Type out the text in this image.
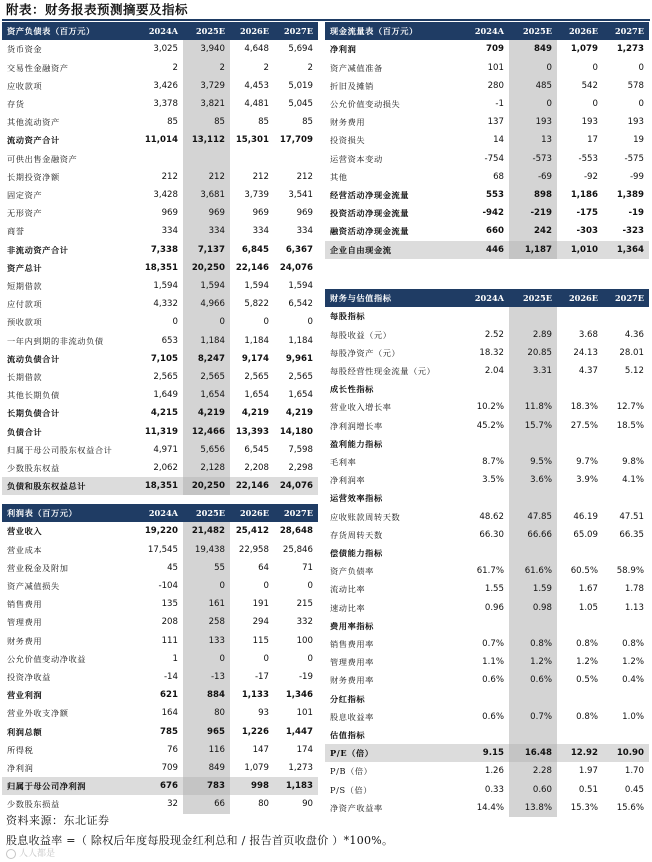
附表：财务报表预测摘要及指标
资产负债表（百万元）	2024A	2025E	2026E	2027E
货币资金	3,025	3,940	4,648	5,694
交易性金融资产	2	2	2	2
应收款项	3,426	3,729	4,453	5,019
存货	3,378	3,821	4,481	5,045
其他流动资产	85	85	85	85
流动资产合计	11,014	13,112	15,301	17,709
可供出售金融资产				
长期投资净额	212	212	212	212
固定资产	3,428	3,681	3,739	3,541
无形资产	969	969	969	969
商誉	334	334	334	334
非流动资产合计	7,338	7,137	6,845	6,367
资产总计	18,351	20,250	22,146	24,076
短期借款	1,594	1,594	1,594	1,594
应付款项	4,332	4,966	5,822	6,542
预收款项	0	0	0	0
一年内到期的非流动负债	653	1,184	1,184	1,184
流动负债合计	7,105	8,247	9,174	9,961
长期借款	2,565	2,565	2,565	2,565
其他长期负债	1,649	1,654	1,654	1,654
长期负债合计	4,215	4,219	4,219	4,219
负债合计	11,319	12,466	13,393	14,180
归属于母公司股东权益合计	4,971	5,656	6,545	7,598
少数股东权益	2,062	2,128	2,208	2,298
负债和股东权益总计	18,351	20,250	22,146	24,076
利润表（百万元）	2024A	2025E	2026E	2027E
营业收入	19,220	21,482	25,412	28,648
营业成本	17,545	19,438	22,958	25,846
营业税金及附加	45	55	64	71
资产减值损失	-104	0	0	0
销售费用	135	161	191	215
管理费用	208	258	294	332
财务费用	111	133	115	100
公允价值变动净收益	1	0	0	0
投资净收益	-14	-13	-17	-19
营业利润	621	884	1,133	1,346
营业外收支净额	164	80	93	101
利润总额	785	965	1,226	1,447
所得税	76	116	147	174
净利润	709	849	1,079	1,273
归属于母公司净利润	676	783	998	1,183
少数股东损益	32	66	80	90
现金流量表（百万元）	2024A	2025E	2026E	2027E
净利润	709	849	1,079	1,273
资产减值准备	101	0	0	0
折旧及摊销	280	485	542	578
公允价值变动损失	-1	0	0	0
财务费用	137	193	193	193
投资损失	14	13	17	19
运营资本变动	-754	-573	-553	-575
其他	68	-69	-92	-99
经营活动净现金流量	553	898	1,186	1,389
投资活动净现金流量	-942	-219	-175	-19
融资活动净现金流量	660	242	-303	-323
企业自由现金流	446	1,187	1,010	1,364
财务与估值指标	2024A	2025E	2026E	2027E
每股指标				
每股收益（元）	2.52	2.89	3.68	4.36
每股净资产（元）	18.32	20.85	24.13	28.01
每股经营性现金流量（元）	2.04	3.31	4.37	5.12
成长性指标				
营业收入增长率	10.2%	11.8%	18.3%	12.7%
净利润增长率	45.2%	15.7%	27.5%	18.5%
盈利能力指标				
毛利率	8.7%	9.5%	9.7%	9.8%
净利润率	3.5%	3.6%	3.9%	4.1%
运营效率指标				
应收账款周转天数	48.62	47.85	46.19	47.51
存货周转天数	66.30	66.66	65.09	66.35
偿债能力指标				
资产负债率	61.7%	61.6%	60.5%	58.9%
流动比率	1.55	1.59	1.67	1.78
速动比率	0.96	0.98	1.05	1.13
费用率指标				
销售费用率	0.7%	0.8%	0.8%	0.8%
管理费用率	1.1%	1.2%	1.2%	1.2%
财务费用率	0.6%	0.6%	0.5%	0.4%
分红指标				
股息收益率	0.6%	0.7%	0.8%	1.0%
估值指标				
P/E（倍）	9.15	16.48	12.92	10.90
P/B（倍）	1.26	2.28	1.97	1.70
P/S（倍）	0.33	0.60	0.51	0.45
净资产收益率	14.4%	13.8%	15.3%	15.6%
资料来源：东北证券
股息收益率 =（ 除权后年度每股现金红利总和 / 报告首页收盘价 ）*100%。
人人都是
